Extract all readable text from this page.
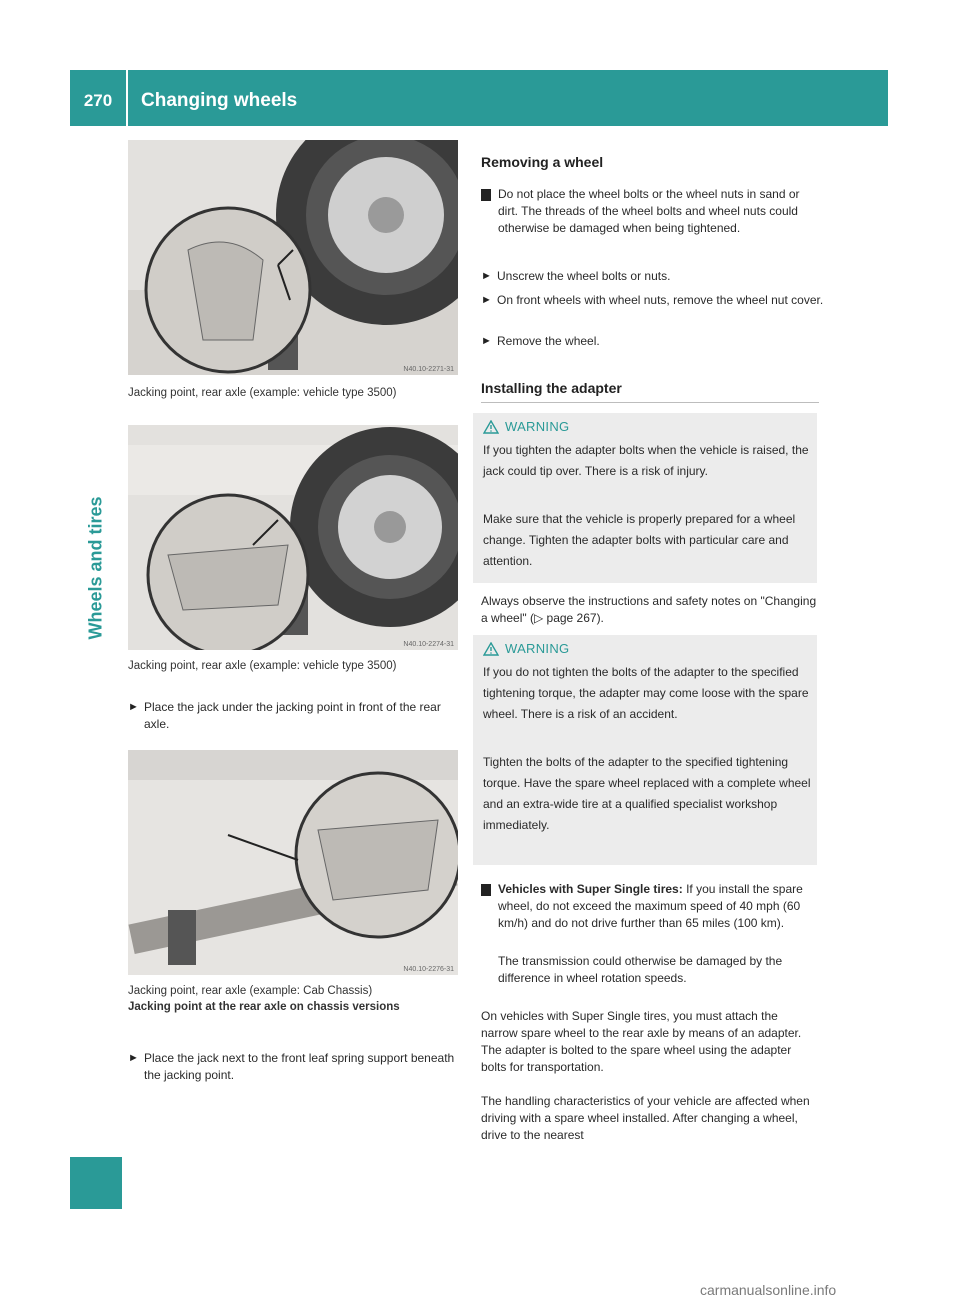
270	Changing wheels
Wheels and tires
N40.10-2271-31
Jacking point, rear axle (example: vehicle type 3500)
N40.10-2274-31
Jacking point, rear axle (example: vehicle type 3500)
► Place the jack under the jacking point in front of the rear axle.
N40.10-2276-31
Jacking point, rear axle (example: Cab Chassis)
Jacking point at the rear axle on chassis versions
► Place the jack next to the front leaf spring support beneath the jacking point.
Removing a wheel
Do not place the wheel bolts or the wheel nuts in sand or dirt. The threads of the wheel bolts and wheel nuts could otherwise be damaged when being tightened.
► Unscrew the wheel bolts or nuts.
► On front wheels with wheel nuts, remove the wheel nut cover.
► Remove the wheel.
Installing the adapter
WARNING
If you tighten the adapter bolts when the vehicle is raised, the jack could tip over. There is a risk of injury.
Make sure that the vehicle is properly prepared for a wheel change. Tighten the adapter bolts with particular care and attention.
Always observe the instructions and safety notes on "Changing a wheel" (▷ page 267).
WARNING
If you do not tighten the bolts of the adapter to the specified tightening torque, the adapter may come loose with the spare wheel. There is a risk of an accident.
Tighten the bolts of the adapter to the specified tightening torque. Have the spare wheel replaced with a complete wheel and an extra-wide tire at a qualified specialist workshop immediately.
Vehicles with Super Single tires: If you install the spare wheel, do not exceed the maximum speed of 40 mph (60 km/h) and do not drive further than 65 miles (100 km).
The transmission could otherwise be damaged by the difference in wheel rotation speeds.
On vehicles with Super Single tires, you must attach the narrow spare wheel to the rear axle by means of an adapter. The adapter is bolted to the spare wheel using the adapter bolts for transportation.
The handling characteristics of your vehicle are affected when driving with a spare wheel installed. After changing a wheel, drive to the nearest
carmanualsonline.info
